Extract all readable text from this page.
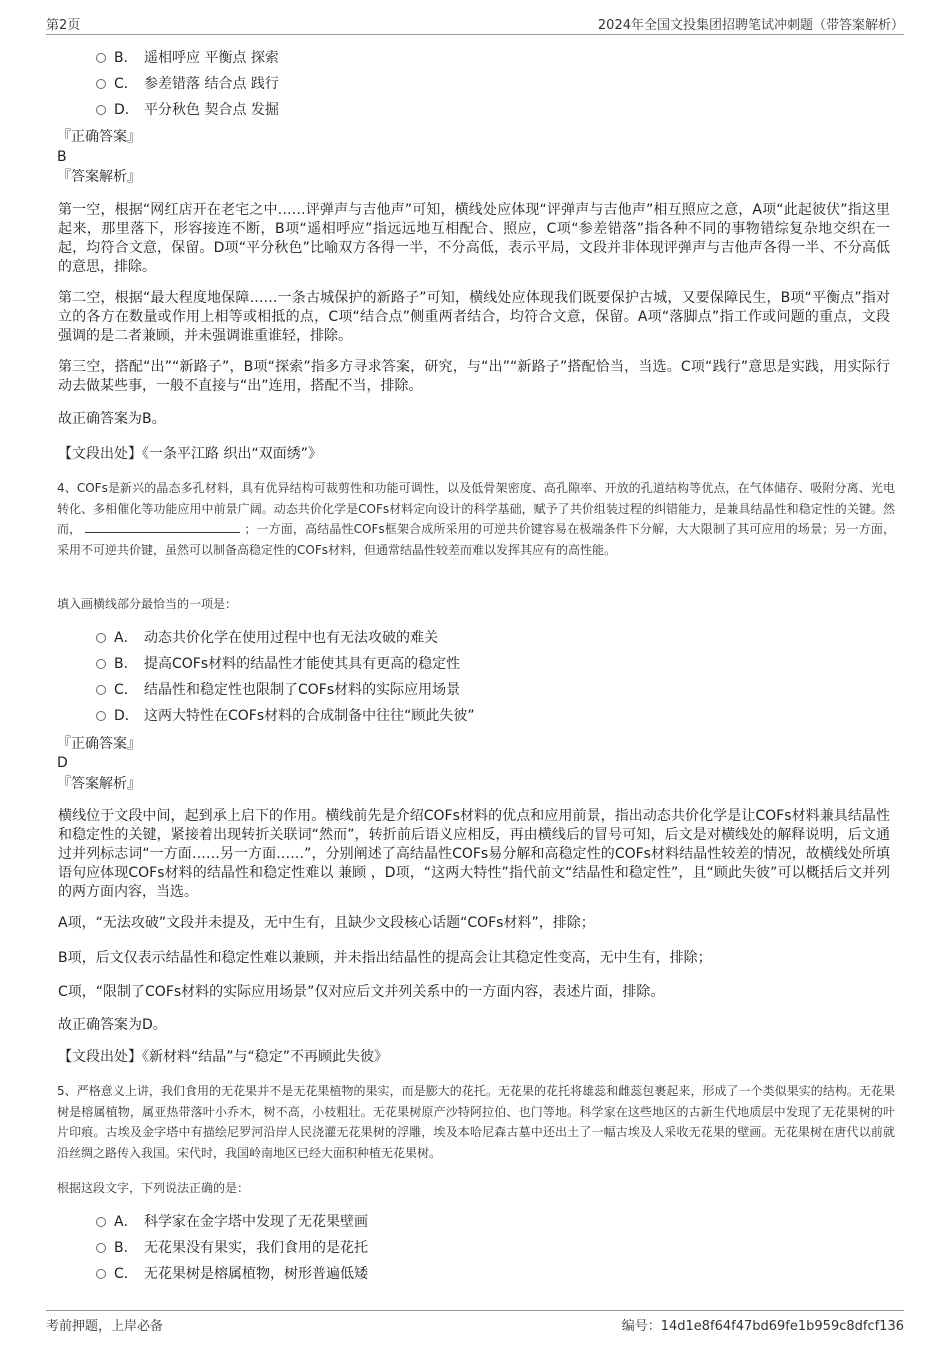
第2页	2024年全国文投集团招聘笔试冲刺题（带答案解析）
B． 遥相呼应 平衡点 探索
C． 参差错落 结合点 践行
D． 平分秋色 契合点 发掘
『正确答案』
B
『答案解析』
第一空，根据“网红店开在老宅之中……评弹声与吉他声”可知，横线处应体现“评弹声与吉他声”相互照应之意，A项“此起彼伏”指这里起来，那里落下，形容接连不断，B项“遥相呼应”指远远地互相配合、照应，C项“参差错落”指各种不同的事物错综复杂地交织在一起，均符合文意，保留。D项“平分秋色”比喻双方各得一半，不分高低，表示平局，文段并非体现评弹声与吉他声各得一半、不分高低的意思，排除。
第二空，根据“最大程度地保障……一条古城保护的新路子”可知，横线处应体现我们既要保护古城，又要保障民生，B项“平衡点”指对立的各方在数量或作用上相等或相抵的点，C项“结合点”侧重两者结合，均符合文意，保留。A项“落脚点”指工作或问题的重点，文段强调的是二者兼顾，并未强调谁重谁轻，排除。
第三空，搭配“出”“新路子”，B项“探索”指多方寻求答案，研究，与“出”“新路子”搭配恰当，当选。C项“践行”意思是实践，用实际行动去做某些事，一般不直接与“出”连用，搭配不当，排除。
故正确答案为B。
【文段出处】《一条平江路 织出“双面绣”》
4、COFs是新兴的晶态多孔材料，具有优异结构可裁剪性和功能可调性，以及低骨架密度、高孔隙率、开放的孔道结构等优点，在气体储存、吸附分离、光电转化、多相催化等功能应用中前景广阔。动态共价化学是COFs材料定向设计的科学基础，赋予了共价组装过程的纠错能力，是兼具结晶性和稳定性的关键。然而，	；一方面，高结晶性COFs框架合成所采用的可逆共价键容易在极端条件下分解，大大限制了其可应用的场景；另一方面，采用不可逆共价键，虽然可以制备高稳定性的COFs材料，但通常结晶性较差而难以发挥其应有的高性能。
填入画横线部分最恰当的一项是：
A． 动态共价化学在使用过程中也有无法攻破的难关
B． 提高COFs材料的结晶性才能使其具有更高的稳定性
C． 结晶性和稳定性也限制了COFs材料的实际应用场景
D． 这两大特性在COFs材料的合成制备中往往“顾此失彼”
『正确答案』
D
『答案解析』
横线位于文段中间，起到承上启下的作用。横线前先是介绍COFs材料的优点和应用前景，指出动态共价化学是让COFs材料兼具结晶性和稳定性的关键，紧接着出现转折关联词“然而”，转折前后语义应相反，再由横线后的冒号可知，后文是对横线处的解释说明，后文通过并列标志词“一方面……另一方面……”，分别阐述了高结晶性COFs易分解和高稳定性的COFs材料结晶性较差的情况，故横线处所填语句应体现COFs材料的结晶性和稳定性难以 兼顾 ，D项，“这两大特性”指代前文“结晶性和稳定性”，且“顾此失彼”可以概括后文并列的两方面内容，当选。
A项，“无法攻破”文段并未提及，无中生有，且缺少文段核心话题“COFs材料”，排除；
B项，后文仅表示结晶性和稳定性难以兼顾，并未指出结晶性的提高会让其稳定性变高，无中生有，排除；
C项，“限制了COFs材料的实际应用场景”仅对应后文并列关系中的一方面内容，表述片面，排除。
故正确答案为D。
【文段出处】《新材料“结晶”与“稳定”不再顾此失彼》
5、严格意义上讲，我们食用的无花果并不是无花果植物的果实，而是膨大的花托。无花果的花托将雄蕊和雌蕊包裹起来，形成了一个类似果实的结构。无花果树是榕属植物，属亚热带落叶小乔木，树不高，小枝粗壮。无花果树原产沙特阿拉伯、也门等地。科学家在这些地区的古新生代地质层中发现了无花果树的叶片印痕。古埃及金字塔中有描绘尼罗河沿岸人民浇灌无花果树的浮雕，埃及本哈尼森古墓中还出土了一幅古埃及人采收无花果的壁画。无花果树在唐代以前就沿丝绸之路传入我国。宋代时，我国岭南地区已经大面积种植无花果树。
根据这段文字，下列说法正确的是：
A． 科学家在金字塔中发现了无花果壁画
B． 无花果没有果实，我们食用的是花托
C． 无花果树是榕属植物，树形普遍低矮
考前押题，上岸必备	编号：14d1e8f64f47bd69fe1b959c8dfcf136
